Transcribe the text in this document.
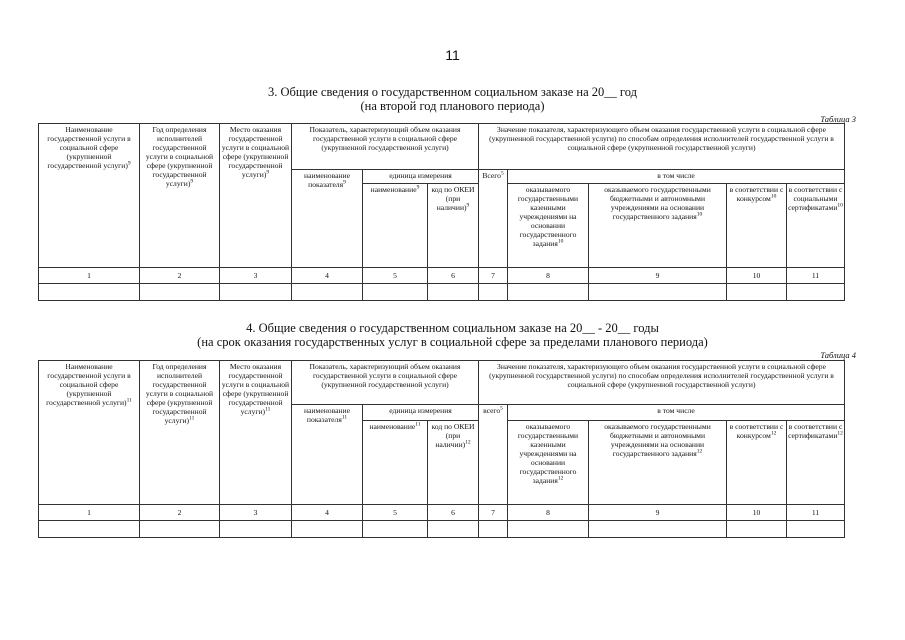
11
3. Общие сведения о государственном социальном заказе на 20__ год
(на второй год планового периода)
Таблица 3
Наименование государственной услуги в социальной сфере (укрупненной государственной услуги)$^9$	Год определения исполнителей государственной услуги в социальной сфере (укрупненной государственной услуги)$^9$	Место оказания государственной услуги в социальной сфере (укрупненной государственной услуги)$^9$	Показатель, характеризующий объем оказания государственной услуги в социальной сфере (укрупненной государственной услуги)			Значение показателя, характеризующего объем оказания государственной услуги в социальной сфере (укрупненной государственной услуги) по способам определения исполнителей государственной услуги в социальной сфере (укрупненной государственной услуги)				
			наименование показателя$^9$	единица измерения		Всего$^5$	в том числе			
				наименование$^9$	код по ОКЕИ (при наличии)$^9$		оказываемого государственными казенными учреждениями на основании государственного задания$^{10}$	оказываемого государственными бюджетными и автономными учреждениями на основании государственного задания$^{10}$	в соответствии с конкурсом$^{10}$	в соответствии с социальными сертификатами$^{10}$
1	2	3	4	5	6	7	8	9	10	11

4. Общие сведения о государственном социальном заказе на 20__ - 20__ годы
(на срок оказания государственных услуг в социальной сфере за пределами планового периода)
Таблица 4
Наименование государственной услуги в социальной сфере (укрупненной государственной услуги)$^{11}$	Год определения исполнителей государственной услуги в социальной сфере (укрупненной государственной услуги)$^{11}$	Место оказания государственной услуги в социальной сфере (укрупненной государственной услуги)$^{11}$	Показатель, характеризующий объем оказания государственной услуги в социальной сфере (укрупненной государственной услуги)			Значение показателя, характеризующего объем оказания государственной услуги в социальной сфере (укрупненной государственной услуги) по способам определения исполнителей государственной услуги в социальной сфере (укрупненной государственной услуги)				
			наименование показателя$^{11}$	единица измерения		всего$^5$	в том числе			
				наименование$^{11}$	код по ОКЕИ (при наличии)$^{12}$		оказываемого государственными казенными учреждениями на основании государственного задания$^{12}$	оказываемого государственными бюджетными и автономными учреждениями на основании государственного задания$^{12}$	в соответствии с конкурсом$^{12}$	в соответствии с сертификатами$^{12}$
1	2	3	4	5	6	7	8	9	10	11
